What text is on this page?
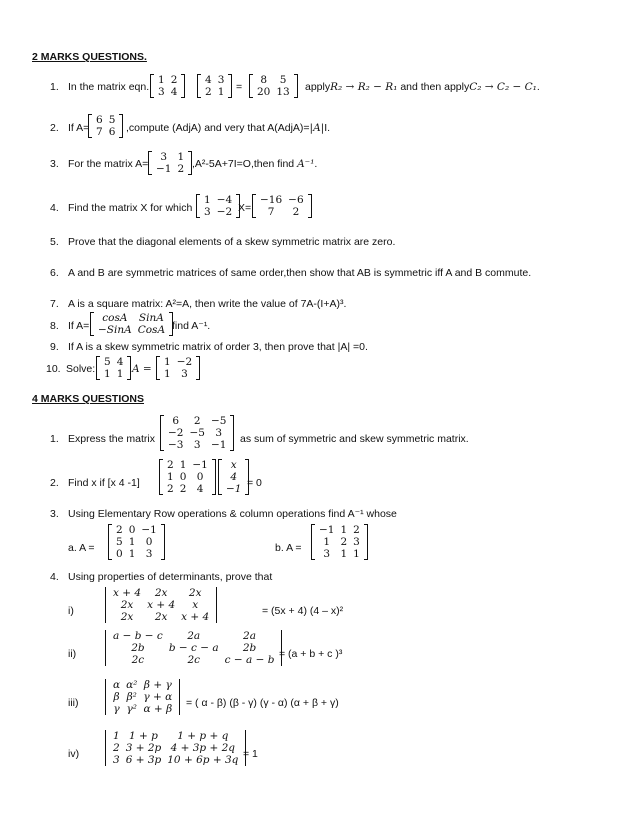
2 MARKS QUESTIONS.
1. In the matrix eqn.
1	2
3	4
4	3
2	1 =
8	5
20	13 applyR₂ → R₂ − R₁ and then applyC₂ → C₂ − C₁.
2. If A=
6	5
7	6 ,compute (AdjA) and very that A(AdjA)=|A|I.
3. For the matrix A=
3	1
−1	2 ,A²-5A+7I=O,then find A⁻¹.
4. Find the matrix X for which
1	−4
3	−2 X=
−16	−6
7	2
5. Prove that the diagonal elements of a skew symmetric matrix are zero.
6. A and B are symmetric matrices of same order,then show that AB is symmetric iff A and B commute.
7. A is a square matrix: A²=A, then write the value of 7A-(I+A)³.
8. If A=
cosA	SinA
−SinA	CosA find A⁻¹.
9. If A is a skew symmetric matrix of order 3, then prove that |A| =0.
10. Solve:
5	4
1	1 A =
1	−2
1	3
4 MARKS QUESTIONS
1. Express the matrix
6	2	−5
−2	−5	3
−3	3	−1 as sum of symmetric and skew symmetric matrix.
2. Find x if [x 4 -1]
2	1	−1
1	0	0
2	2	4
x
4
−1 = 0
3. Using Elementary Row operations & column operations find A⁻¹ whose
a. A =
2	0	−1
5	1	0
0	1	3	b. A =
−1	1	2
1	2	3
3	1	1
4. Using properties of determinants, prove that
i)
x + 4	2x	2x
2x	x + 4	x
2x	2x	x + 4	= (5x + 4) (4 – x)²
ii)
a − b − c	2a	2a
2b	b − c − a	2b
2c	2c	c − a − b = (a + b + c )³
iii)
α	α²	β + γ
β	β²	γ + α
γ	γ²	α + β = ( α - β) (β - γ) (γ - α) (α + β + γ)
iv)
1	1 + p	1 + p + q
2	3 + 2p	4 + 3p + 2q
3	6 + 3p	10 + 6p + 3q = 1
